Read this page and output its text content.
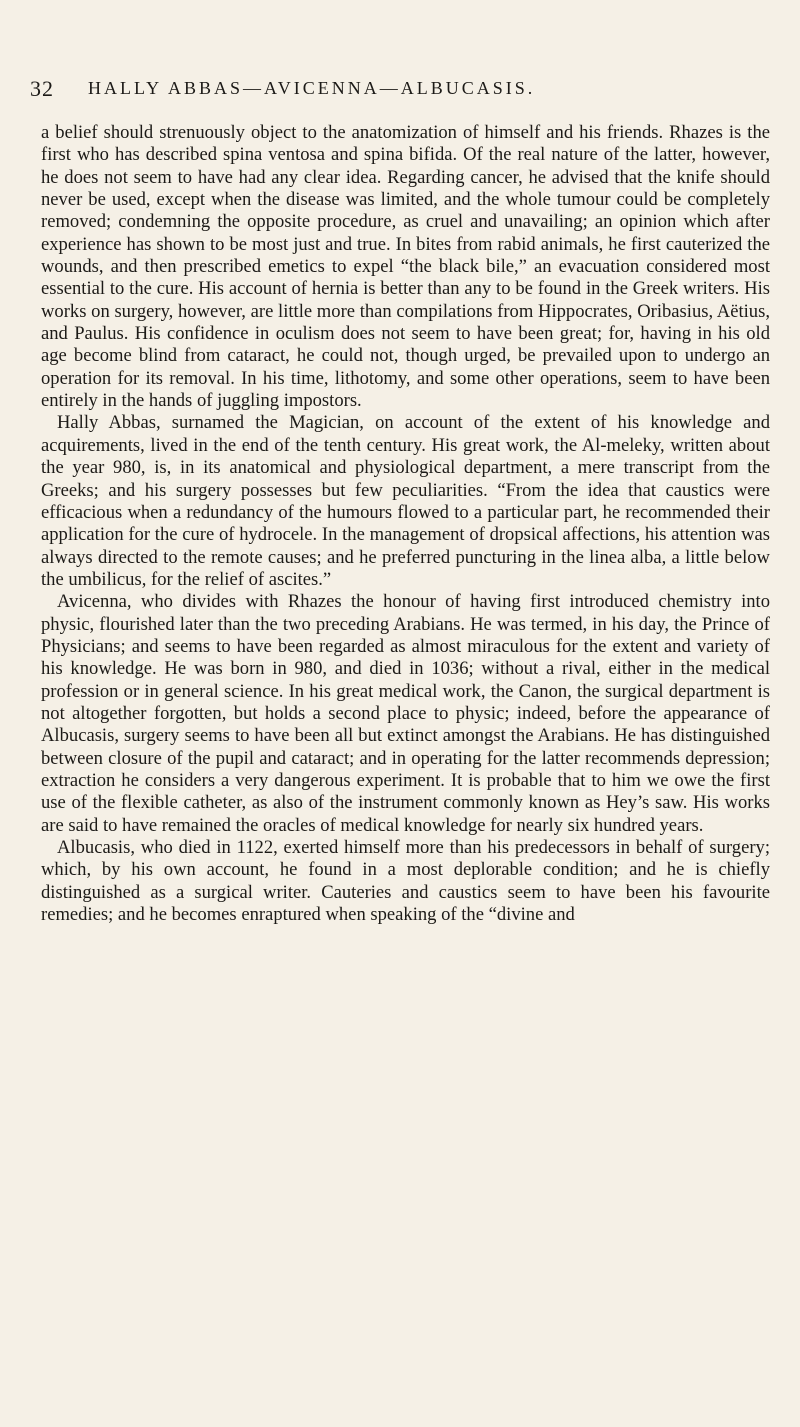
32 HALLY ABBAS—AVICENNA—ALBUCASIS.

a belief should strenuously object to the anatomization of himself and his friends. Rhazes is the first who has described spina ventosa and spina bifida. Of the real nature of the latter, however, he does not seem to have had any clear idea. Regarding cancer, he advised that the knife should never be used, except when the disease was limited, and the whole tumour could be completely removed; condemning the opposite procedure, as cruel and unavailing; an opinion which after experience has shown to be most just and true. In bites from rabid animals, he first cauterized the wounds, and then prescribed emetics to expel “the black bile,” an evacuation considered most essential to the cure. His account of hernia is better than any to be found in the Greek writers. His works on surgery, however, are little more than compilations from Hippocrates, Oribasius, Aëtius, and Paulus. His confidence in oculism does not seem to have been great; for, having in his old age become blind from cataract, he could not, though urged, be prevailed upon to undergo an operation for its removal. In his time, lithotomy, and some other operations, seem to have been entirely in the hands of juggling impostors.

Hally Abbas, surnamed the Magician, on account of the extent of his knowledge and acquirements, lived in the end of the tenth century. His great work, the Al-meleky, written about the year 980, is, in its anatomical and physiological department, a mere transcript from the Greeks; and his surgery possesses but few peculiarities. “From the idea that caustics were efficacious when a redundancy of the humours flowed to a particular part, he recommended their application for the cure of hydrocele. In the management of dropsical affections, his attention was always directed to the remote causes; and he preferred puncturing in the linea alba, a little below the umbilicus, for the relief of ascites.”

Avicenna, who divides with Rhazes the honour of having first introduced chemistry into physic, flourished later than the two preceding Arabians. He was termed, in his day, the Prince of Physicians; and seems to have been regarded as almost miraculous for the extent and variety of his knowledge. He was born in 980, and died in 1036; without a rival, either in the medical profession or in general science. In his great medical work, the Canon, the surgical department is not altogether forgotten, but holds a second place to physic; indeed, before the appearance of Albucasis, surgery seems to have been all but extinct amongst the Arabians. He has distinguished between closure of the pupil and cataract; and in operating for the latter recommends depression; extraction he considers a very dangerous experiment. It is probable that to him we owe the first use of the flexible catheter, as also of the instrument commonly known as Hey’s saw. His works are said to have remained the oracles of medical knowledge for nearly six hundred years.

Albucasis, who died in 1122, exerted himself more than his predecessors in behalf of surgery; which, by his own account, he found in a most deplorable condition; and he is chiefly distinguished as a surgical writer. Cauteries and caustics seem to have been his favourite remedies; and he becomes enraptured when speaking of the “divine and
